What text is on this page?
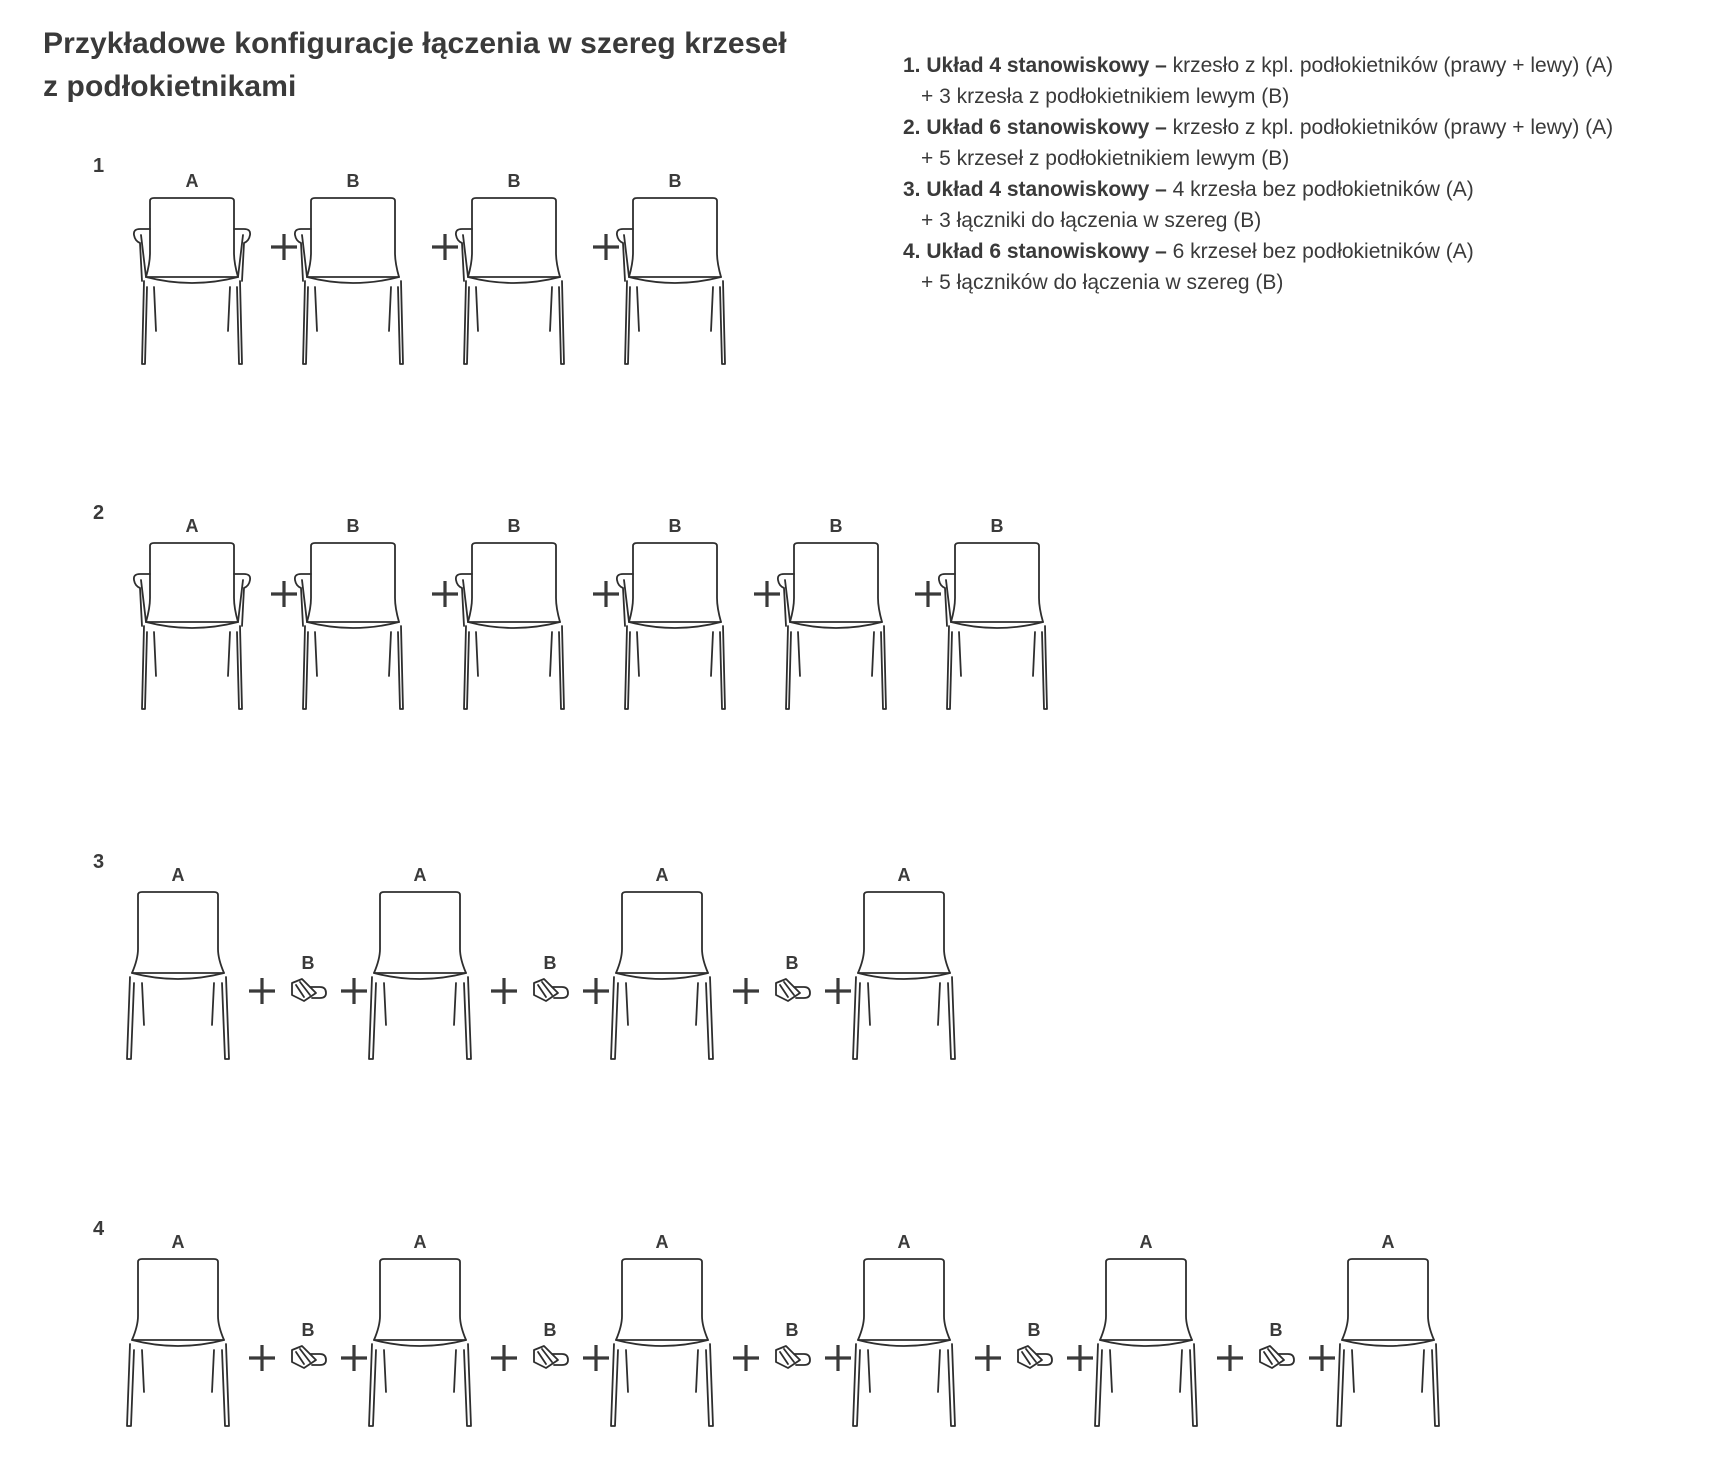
Przykładowe konfiguracje łączenia w szereg krzeseł
z podłokietnikami
1. Układ 4 stanowiskowy – krzesło z kpl. podłokietników (prawy + lewy) (A)
+ 3 krzesła z podłokietnikiem lewym (B)
2. Układ 6 stanowiskowy – krzesło z kpl. podłokietników (prawy + lewy) (A)
+ 5 krzeseł z podłokietnikiem lewym (B)
3. Układ 4 stanowiskowy – 4 krzesła bez podłokietników (A)
+ 3 łączniki do łączenia w szereg (B)
4. Układ 6 stanowiskowy – 6 krzeseł bez podłokietników (A)
+ 5 łączników do łączenia w szereg (B)
1
A	B	B	B
2
A	B	B	B	B	B
3
A
B
A
B
A
B
A
4
A
B
A
B
A
B
A
B
A
B
A
